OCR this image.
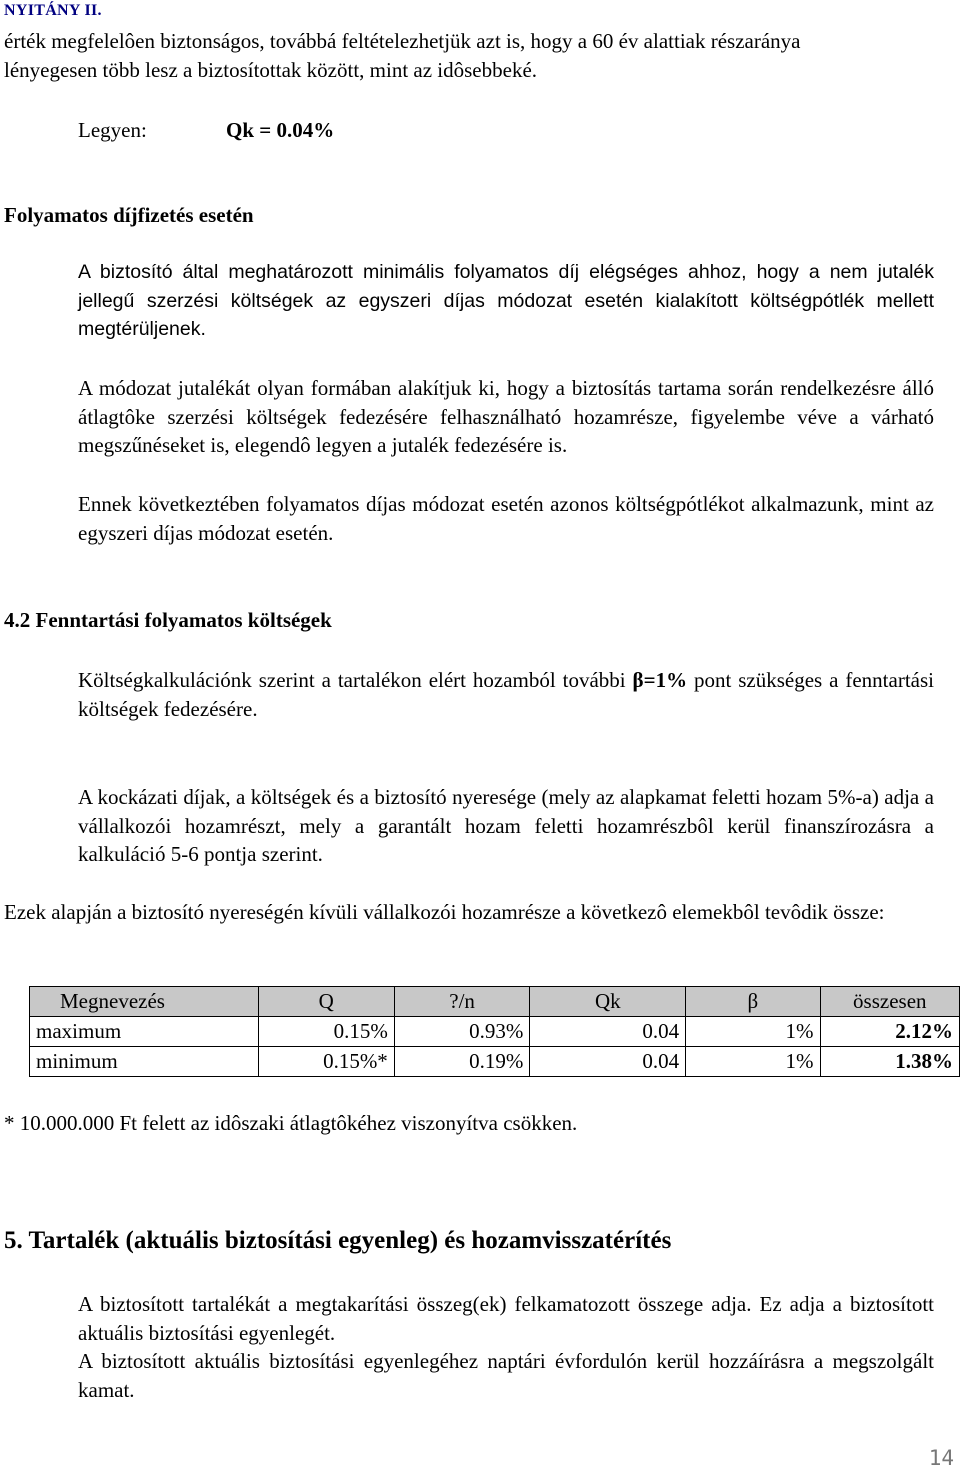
NYITÁNY II.
érték megfelelôen biztonságos, továbbá feltételezhetjük azt is, hogy a 60 év alattiak részaránya
lényegesen több lesz a biztosítottak között, mint az idôsebbeké.
Legyen:	Qk = 0.04%
Folyamatos díjfizetés esetén
A biztosító által meghatározott minimális folyamatos díj elégséges ahhoz, hogy a nem jutalék jellegű szerzési költségek az egyszeri díjas módozat esetén kialakított költségpótlék mellett megtérüljenek.
A módozat jutalékát olyan formában alakítjuk ki, hogy a biztosítás tartama során rendelkezésre álló átlagtôke szerzési költségek fedezésére felhasználható hozamrésze, figyelembe véve a várható megszűnéseket is, elegendô legyen a jutalék fedezésére is.
Ennek következtében folyamatos díjas módozat esetén azonos költségpótlékot alkalmazunk, mint az egyszeri díjas módozat esetén.
4.2 Fenntartási folyamatos költségek
Költségkalkulációnk szerint a tartalékon elért hozamból további β=1% pont szükséges a fenntartási költségek fedezésére.
A kockázati díjak, a költségek és a biztosító nyeresége (mely az alapkamat feletti hozam 5%-a) adja a vállalkozói hozamrészt, mely a garantált hozam feletti hozamrészbôl kerül finanszírozásra a kalkuláció 5-6 pontja szerint.
Ezek alapján a biztosító nyereségén kívüli vállalkozói hozamrésze a következô elemekbôl tevôdik össze:
Megnevezés	Q	?/n	Qk	β	összesen
maximum	0.15%	0.93%	0.04	1%	2.12%
minimum	0.15%*	0.19%	0.04	1%	1.38%
* 10.000.000 Ft felett az idôszaki átlagtôkéhez viszonyítva csökken.
5. Tartalék (aktuális biztosítási egyenleg) és hozamvisszatérítés
A biztosított tartalékát a megtakarítási összeg(ek) felkamatozott összege adja. Ez adja a biztosított aktuális biztosítási egyenlegét.
A biztosított aktuális biztosítási egyenlegéhez naptári évfordulón kerül hozzáírásra a megszolgált kamat.
14
